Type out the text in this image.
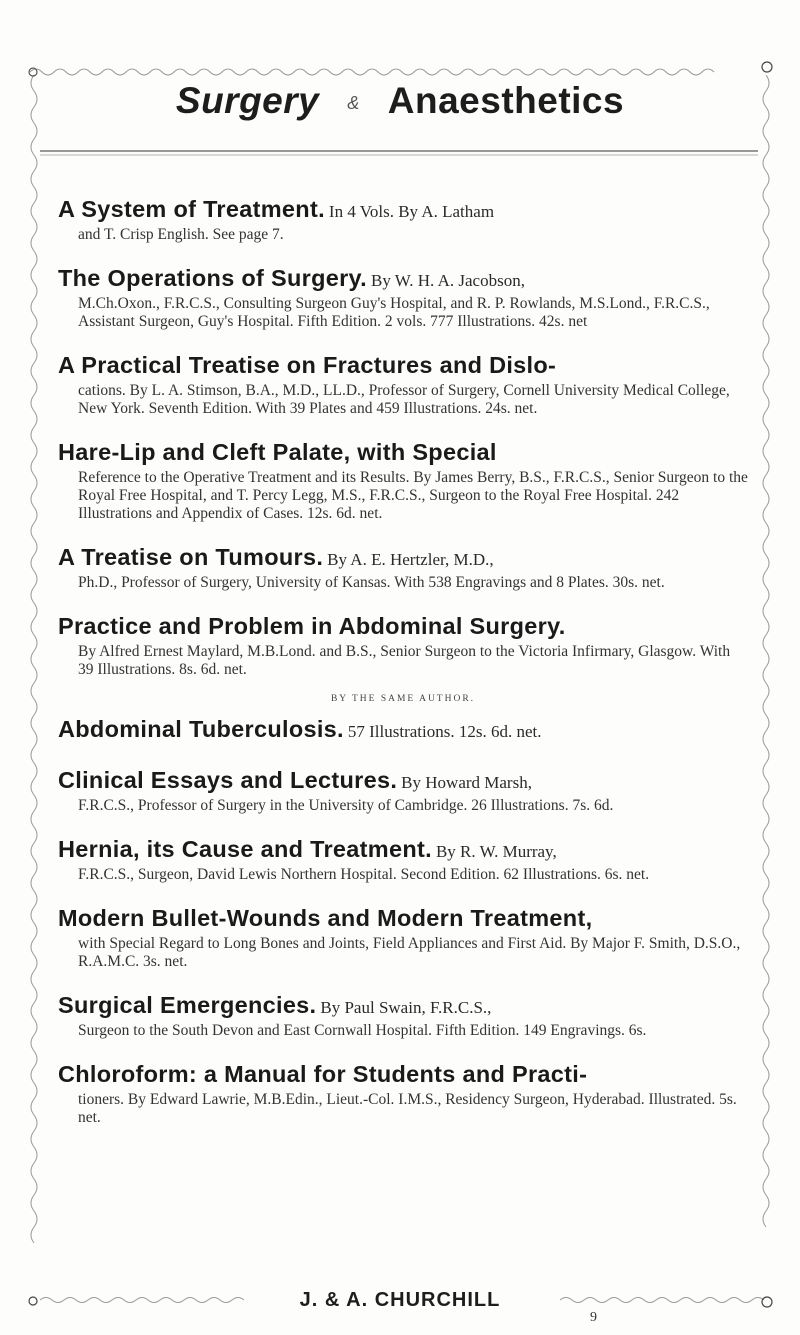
Surgery & Anaesthetics
A System of Treatment. In 4 Vols. By A. Latham
and T. Crisp English. See page 7.
The Operations of Surgery. By W. H. A. Jacobson,
M.Ch.Oxon., F.R.C.S., Consulting Surgeon Guy's Hospital, and R. P. Rowlands, M.S.Lond., F.R.C.S., Assistant Surgeon, Guy's Hospital. Fifth Edition. 2 vols. 777 Illustrations. 42s. net
A Practical Treatise on Fractures and Dislo-
cations. By L. A. Stimson, B.A., M.D., LL.D., Professor of Surgery, Cornell University Medical College, New York. Seventh Edition. With 39 Plates and 459 Illustrations. 24s. net.
Hare-Lip and Cleft Palate, with Special
Reference to the Operative Treatment and its Results. By James Berry, B.S., F.R.C.S., Senior Surgeon to the Royal Free Hospital, and T. Percy Legg, M.S., F.R.C.S., Surgeon to the Royal Free Hospital. 242 Illustrations and Appendix of Cases. 12s. 6d. net.
A Treatise on Tumours. By A. E. Hertzler, M.D.,
Ph.D., Professor of Surgery, University of Kansas. With 538 Engravings and 8 Plates. 30s. net.
Practice and Problem in Abdominal Surgery.
By Alfred Ernest Maylard, M.B.Lond. and B.S., Senior Surgeon to the Victoria Infirmary, Glasgow. With 39 Illustrations. 8s. 6d. net.
BY THE SAME AUTHOR.
Abdominal Tuberculosis. 57 Illustrations. 12s. 6d. net.
Clinical Essays and Lectures. By Howard Marsh,
F.R.C.S., Professor of Surgery in the University of Cambridge. 26 Illustrations. 7s. 6d.
Hernia, its Cause and Treatment. By R. W. Murray,
F.R.C.S., Surgeon, David Lewis Northern Hospital. Second Edition. 62 Illustrations. 6s. net.
Modern Bullet-Wounds and Modern Treatment,
with Special Regard to Long Bones and Joints, Field Appliances and First Aid. By Major F. Smith, D.S.O., R.A.M.C. 3s. net.
Surgical Emergencies. By Paul Swain, F.R.C.S.,
Surgeon to the South Devon and East Cornwall Hospital. Fifth Edition. 149 Engravings. 6s.
Chloroform: a Manual for Students and Practi-
tioners. By Edward Lawrie, M.B.Edin., Lieut.-Col. I.M.S., Residency Surgeon, Hyderabad. Illustrated. 5s. net.
J. & A. CHURCHILL
9
